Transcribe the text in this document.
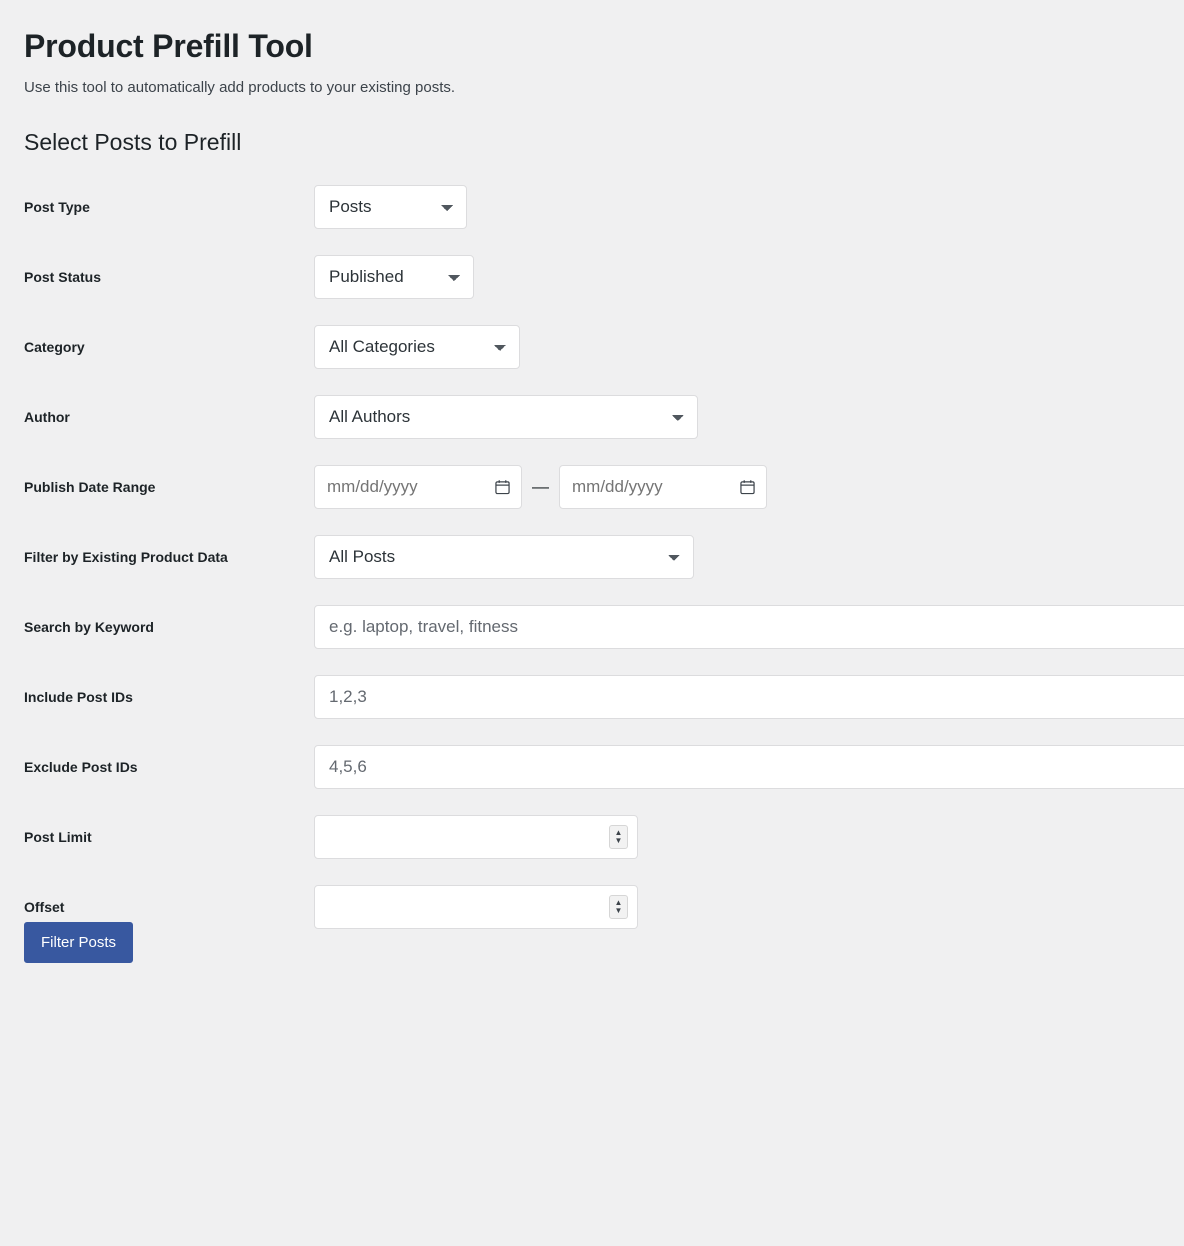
Product Prefill Tool

Use this tool to automatically add products to your existing posts.

Select Posts to Prefill
Post Type

Posts

Post Status

Published

Category

All Categories

Author

All Authors

Publish Date Range

mm/dd/yyyy—
mm/dd/yyyy

Filter by Existing Product Data

All Posts

Search by Keyword
	e.g. laptop, travel, fitness

Include Post IDs
	1,2,3

Exclude Post IDs
	4,5,6

Post Limit	▲
▼

Offset	▲
▼

Filter Posts
